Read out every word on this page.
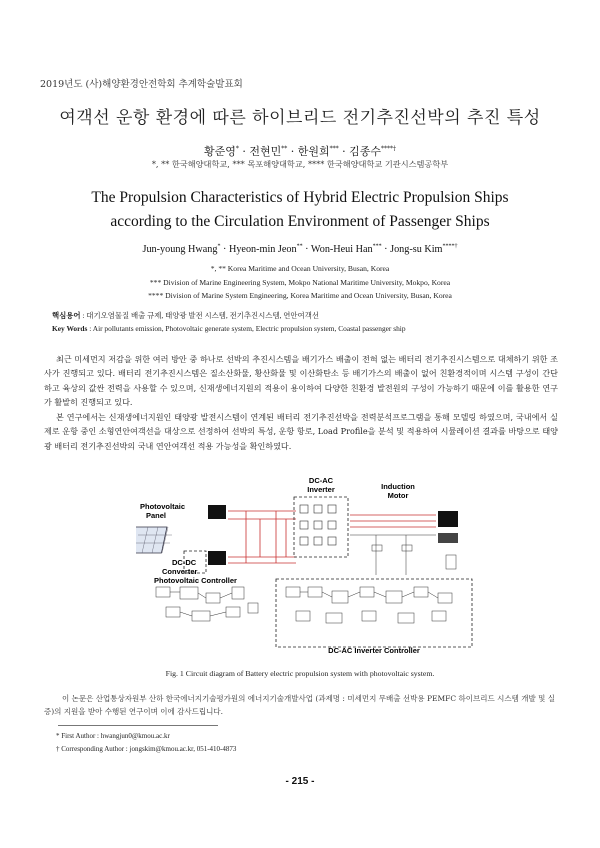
2019년도 (사)해양환경안전학회 추계학술발표회
여객선 운항 환경에 따른 하이브리드 전기추진선박의 추진 특성
황준영* · 전현민** · 한원희*** · 김종수****†
*, ** 한국해양대학교, *** 목포해양대학교, **** 한국해양대학교 기관시스템공학부
The Propulsion Characteristics of Hybrid Electric Propulsion Ships
according to the Circulation Environment of Passenger Ships
Jun-young Hwang* · Hyeon-min Jeon** · Won-Heui Han*** · Jong-su Kim****†
*, ** Korea Maritime and Ocean University, Busan, Korea
*** Division of Marine Engineering System, Mokpo National Maritime University, Mokpo, Korea
**** Division of Marine System Engineering, Korea Maritime and Ocean University, Busan, Korea
핵심용어 : 대기오염물질 배출 규제, 태양광 발전 시스템, 전기추진시스템, 연안여객선
Key Words : Air pollutants emission, Photovoltaic generate system, Electric propulsion system, Coastal passenger ship

최근 미세먼지 저감을 위한 여러 방안 중 하나로 선박의 추진시스템을 배기가스 배출이 전혀 없는 배터리 전기추진시스템으로 대체하기 위한 조사가 진행되고 있다. 배터리 전기추진시스템은 질소산화물, 황산화물 및 이산화탄소 등 배기가스의 배출이 없어 친환경적이며 시스템 구성이 간단하고 육상의 값싼 전력을 사용할 수 있으며, 신재생에너지원의 적용이 용이하여 다양한 친환경 발전원의 구성이 가능하기 때문에 이를 활용한 연구가 활발히 진행되고 있다.

본 연구에서는 신재생에너지원인 태양광 발전시스템이 연계된 배터리 전기추진선박을 전력분석프로그램을 통해 모델링 하였으며, 국내에서 실제로 운항 중인 소형연안여객선을 대상으로 선정하여 선박의 특성, 운항 항로, Load Profile을 분석 및 적용하여 시뮬레이션 결과를 바탕으로 태양광 배터리 전기추진선박의 국내 연안여객선 적용 가능성을 확인하였다.

DC-AC
Inverter	Induction
Motor
Photovoltaic
Panel
DC-DC
Converter
Photovoltaic Controller
DC-AC Inverter Controller
Fig. 1 Circuit diagram of Battery electric propulsion system with photovoltaic system.

이 논문은 산업통상자원부 산하 한국에너지기술평가원의 에너지기술개발사업 (과제명 : 미세먼지 무배출 선박용 PEMFC 하이브리드 시스템 개발 및 실증)의 지원을 받아 수행된 연구이며 이에 감사드립니다.

* First Author : hwangjun0@kmou.ac.kr
† Corresponding Author : jongskim@kmou.ac.kr, 051-410-4873
- 215 -
